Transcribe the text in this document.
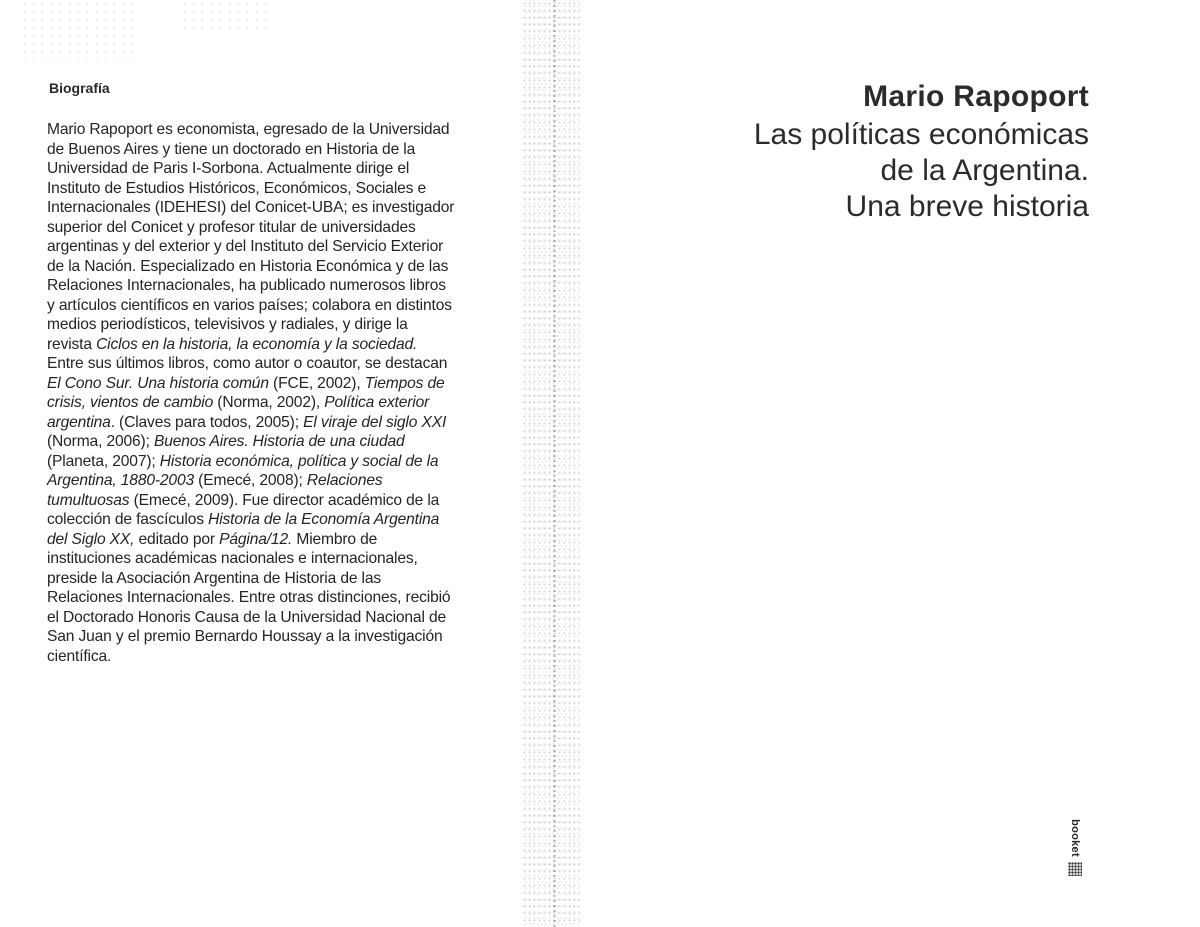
Biografía
Mario Rapoport es economista, egresado de la Universidad
de Buenos Aires y tiene un doctorado en Historia de la
Universidad de Paris I-Sorbona. Actualmente dirige el
Instituto de Estudios Históricos, Económicos, Sociales e
Internacionales (IDEHESI) del Conicet-UBA; es investigador
superior del Conicet y profesor titular de universidades
argentinas y del exterior y del Instituto del Servicio Exterior
de la Nación. Especializado en Historia Económica y de las
Relaciones Internacionales, ha publicado numerosos libros
y artículos científicos en varios países; colabora en distintos
medios periodísticos, televisivos y radiales, y dirige la
revista Ciclos en la historia, la economía y la sociedad.
Entre sus últimos libros, como autor o coautor, se destacan
El Cono Sur. Una historia común (FCE, 2002), Tiempos de
crisis, vientos de cambio (Norma, 2002), Política exterior
argentina. (Claves para todos, 2005); El viraje del siglo XXI
(Norma, 2006); Buenos Aires. Historia de una ciudad
(Planeta, 2007); Historia económica, política y social de la
Argentina, 1880-2003 (Emecé, 2008); Relaciones
tumultuosas (Emecé, 2009). Fue director académico de la
colección de fascículos Historia de la Economía Argentina
del Siglo XX, editado por Página/12. Miembro de
instituciones académicas nacionales e internacionales,
preside la Asociación Argentina de Historia de las
Relaciones Internacionales. Entre otras distinciones, recibió
el Doctorado Honoris Causa de la Universidad Nacional de
San Juan y el premio Bernardo Houssay a la investigación
científica.
Mario Rapoport
Las políticas económicas
de la Argentina.
Una breve historia
booket
